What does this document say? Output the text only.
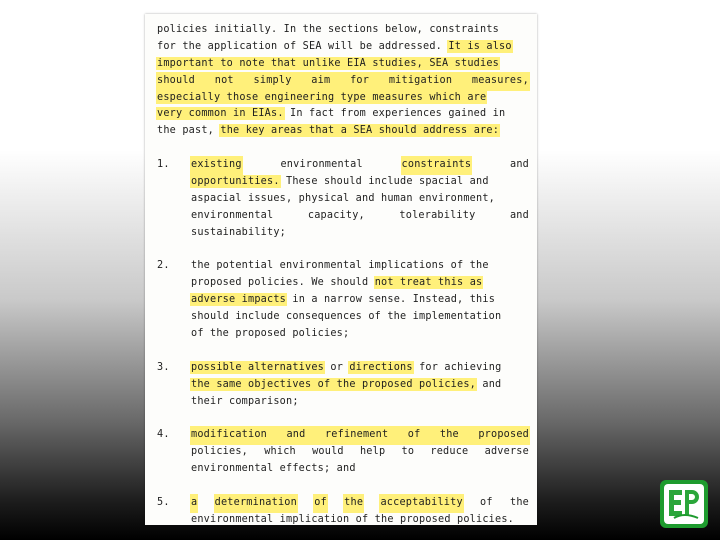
policies initially. In the sections below, constraints
for the application of SEA will be addressed. It is also
important to note that unlike EIA studies, SEA studies
should not simply aim for mitigation measures,
especially those engineering type measures which are
very common in EIAs. In fact from experiences gained in
the past, the key areas that a SEA should address are:
1. existing	environmental	constraints	and
opportunities. These should include spacial and
aspacial issues, physical and human environment,
environmental	capacity,	tolerability	and
sustainability;
2. the potential environmental implications of the
proposed policies. We should not treat this as
adverse impacts in a narrow sense. Instead, this
should include consequences of the implementation
of the proposed policies;
3. possible alternatives or directions for achieving
the same objectives of the proposed policies, and
their comparison;
4. modification and refinement of the proposed
policies, which would help to reduce adverse
environmental effects; and
5. a determination of the acceptability of the
environmental implication of the proposed policies.
